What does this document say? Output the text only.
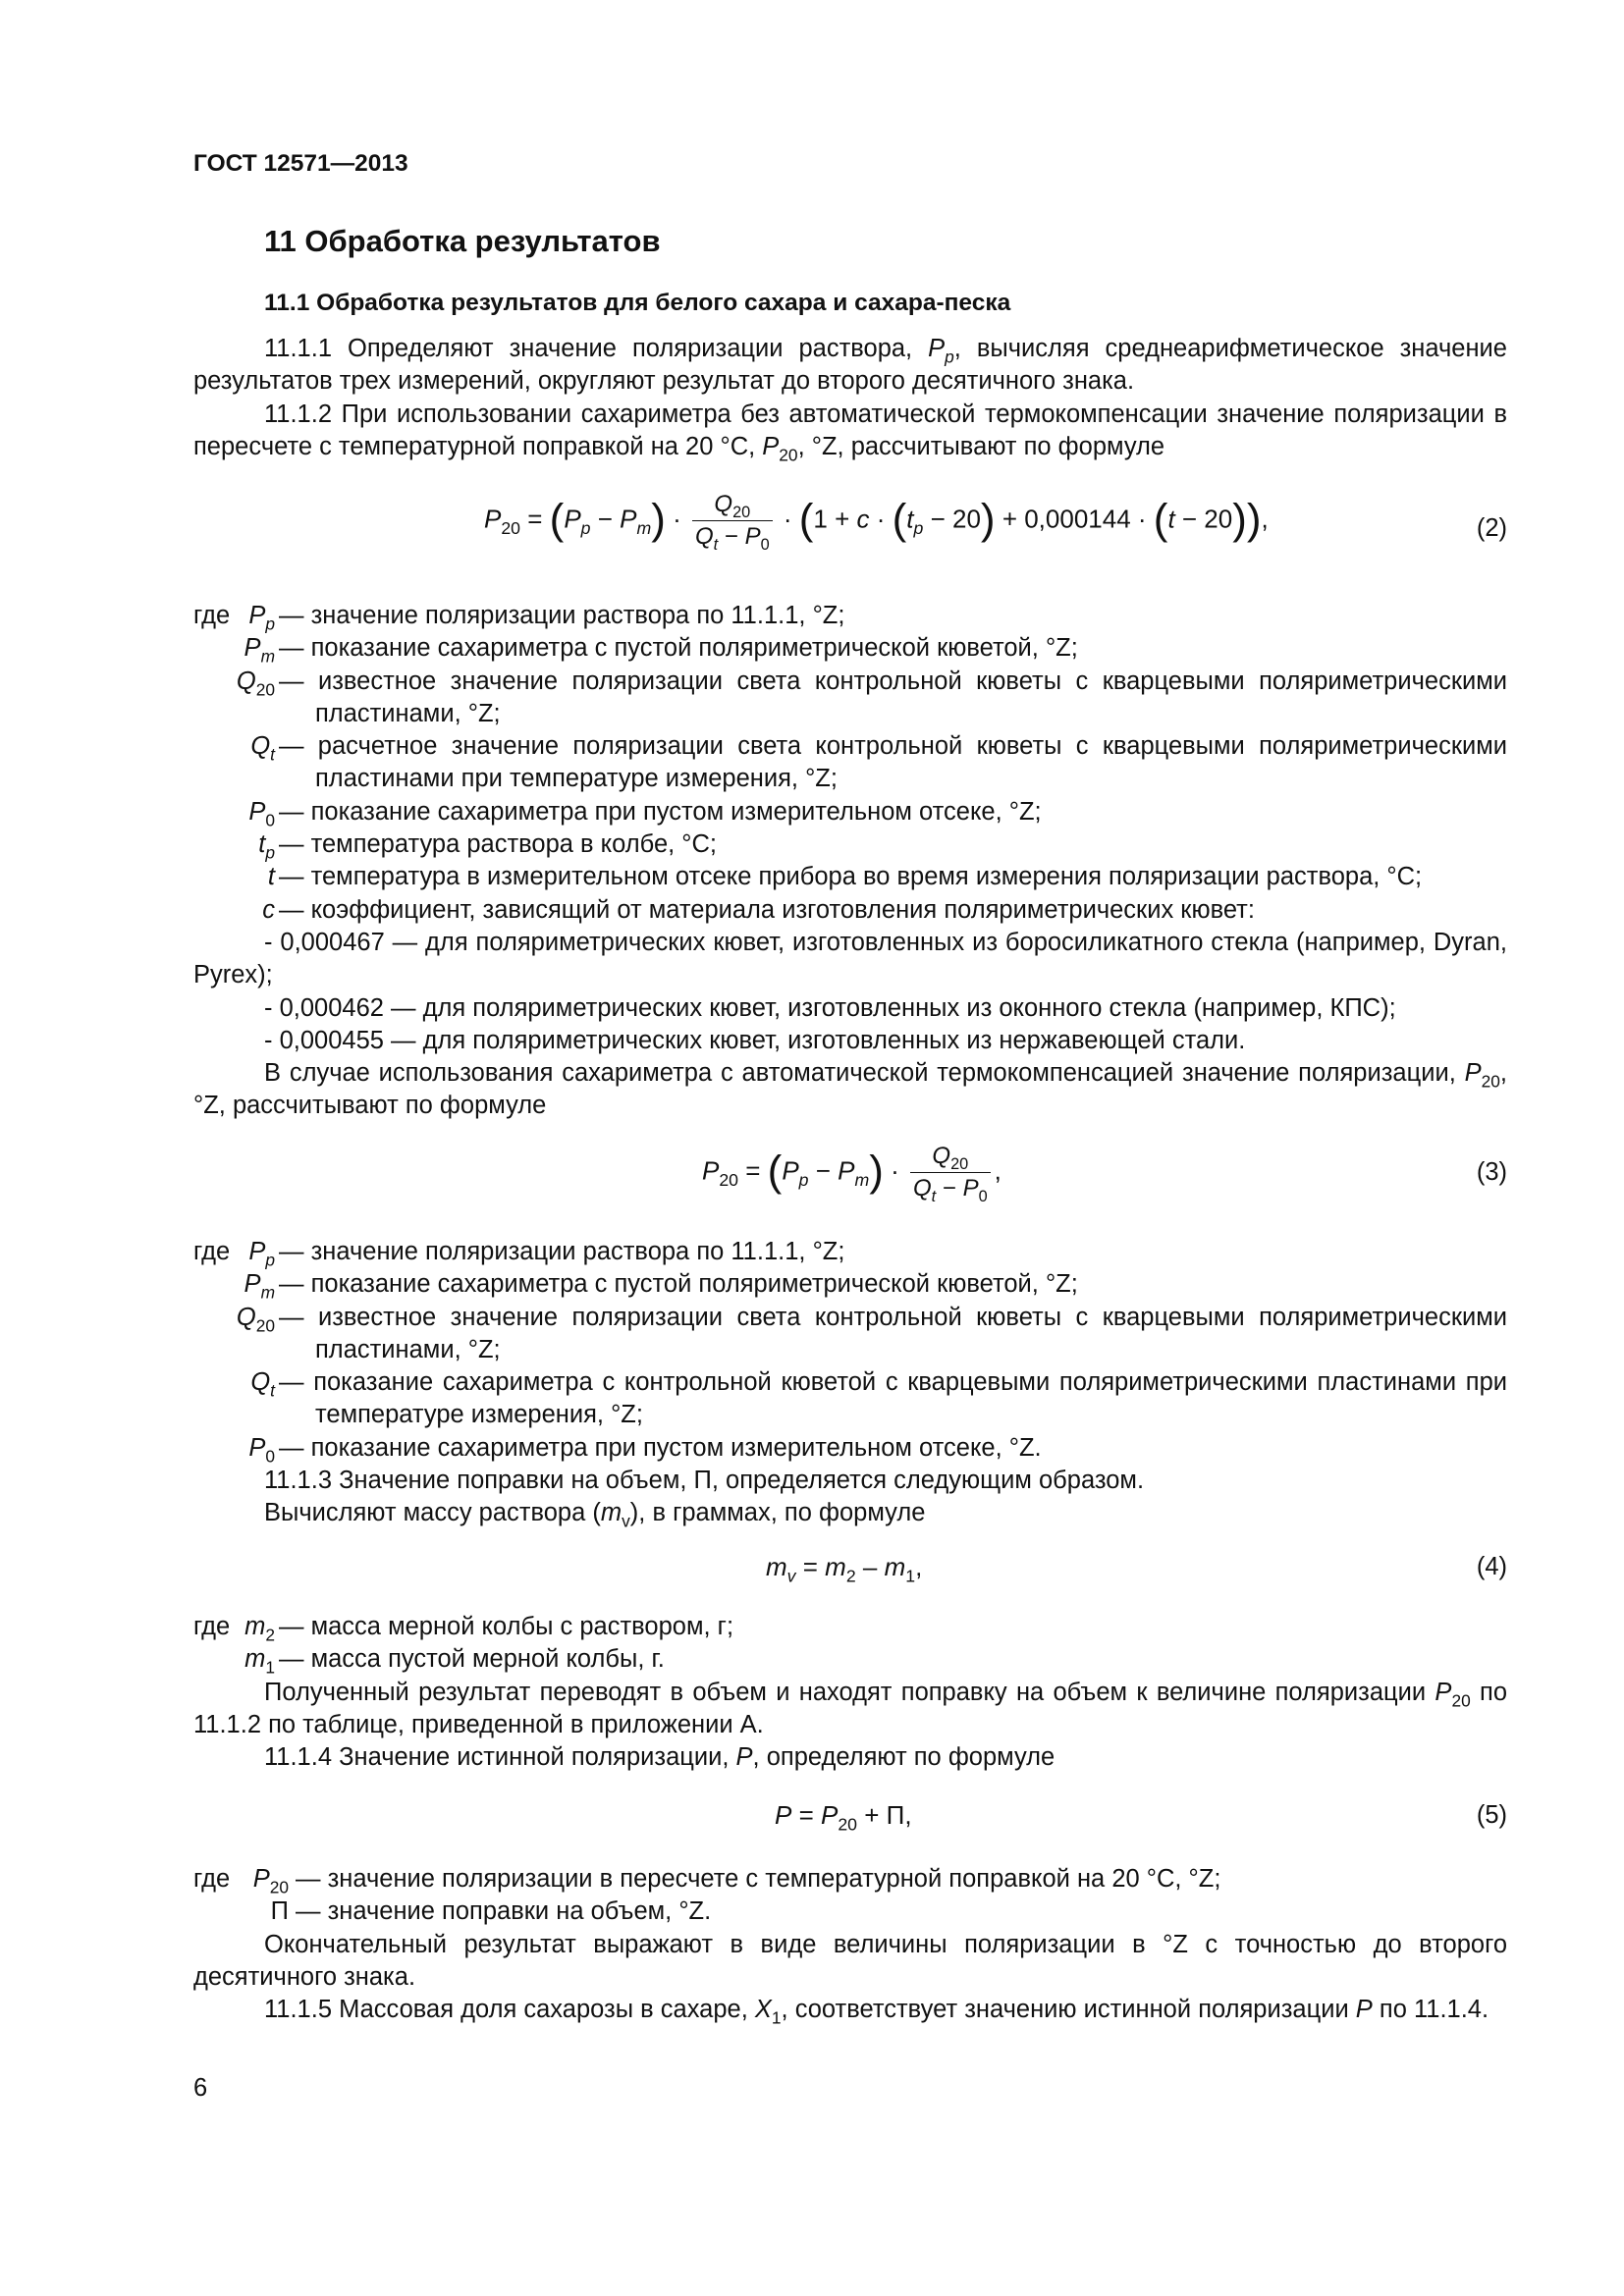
ГОСТ 12571—2013
11 Обработка результатов
11.1 Обработка результатов для белого сахара и сахара-песка

11.1.1 Определяют значение поляризации раствора, $P_p$, вычисляя среднеарифметическое значение результатов трех измерений, округляют результат до второго десятичного знака.

11.1.2 При использовании сахариметра без автоматической термокомпенсации значение поляризации в пересчете с температурной поправкой на 20 °С, $P_{20}$, °Z, рассчитывают по формуле

$P_{20} = (P_p - P_m) \cdot \frac{Q_{20}}{Q_t - P_0} \cdot (1 + c \cdot (t_p - 20) + 0,000144 \cdot (t - 20))$,	(2)
где $P_p$ — значение поляризации раствора по 11.1.1, °Z;
$P_m$ — показание сахариметра с пустой поляриметрической кюветой, °Z;
$Q_{20}$ — известное значение поляризации света контрольной кюветы с кварцевыми поляриметрическими пластинами, °Z;
$Q_t$ — расчетное значение поляризации света контрольной кюветы с кварцевыми поляриметрическими пластинами при температуре измерения, °Z;
$P_0$ — показание сахариметра при пустом измерительном отсеке, °Z;
$t_p$ — температура раствора в колбе, °С;
t — температура в измерительном отсеке прибора во время измерения поляризации раствора, °С;
c — коэффициент, зависящий от материала изготовления поляриметрических кювет:

- 0,000467 — для поляриметрических кювет, изготовленных из боросиликатного стекла (например, Dyran, Pyrex);

- 0,000462 — для поляриметрических кювет, изготовленных из оконного стекла (например, КПС);

- 0,000455 — для поляриметрических кювет, изготовленных из нержавеющей стали.

В случае использования сахариметра с автоматической термокомпенсацией значение поляризации, $P_{20}$, °Z, рассчитывают по формуле

$P_{20} = (P_p - P_m) \cdot \frac{Q_{20}}{Q_t - P_0}$ ,	(3)
где $P_p$ — значение поляризации раствора по 11.1.1, °Z;
$P_m$ — показание сахариметра с пустой поляриметрической кюветой, °Z;
$Q_{20}$ — известное значение поляризации света контрольной кюветы с кварцевыми поляриметрическими пластинами, °Z;
$Q_t$ — показание сахариметра с контрольной кюветой с кварцевыми поляриметрическими пластинами при температуре измерения, °Z;
$P_0$ — показание сахариметра при пустом измерительном отсеке, °Z.

11.1.3 Значение поправки на объем, П, определяется следующим образом.

Вычисляют массу раствора $(m_v)$, в граммах, по формуле

$m_v = m_2 - m_1$,	(4)
где $m_2$ — масса мерной колбы с раствором, г;
$m_1$ — масса пустой мерной колбы, г.

Полученный результат переводят в объем и находят поправку на объем к величине поляризации $P_{20}$ по 11.1.2 по таблице, приведенной в приложении А.

11.1.4 Значение истинной поляризации, P, определяют по формуле

$P = P_{20} + П$,	(5)
где $P_{20}$ — значение поляризации в пересчете с температурной поправкой на 20 °С, °Z;
П — значение поправки на объем, °Z.

Окончательный результат выражают в виде величины поляризации в °Z с точностью до второго десятичного знака.

11.1.5 Массовая доля сахарозы в сахаре, $X_1$, соответствует значению истинной поляризации P по 11.1.4.

6
